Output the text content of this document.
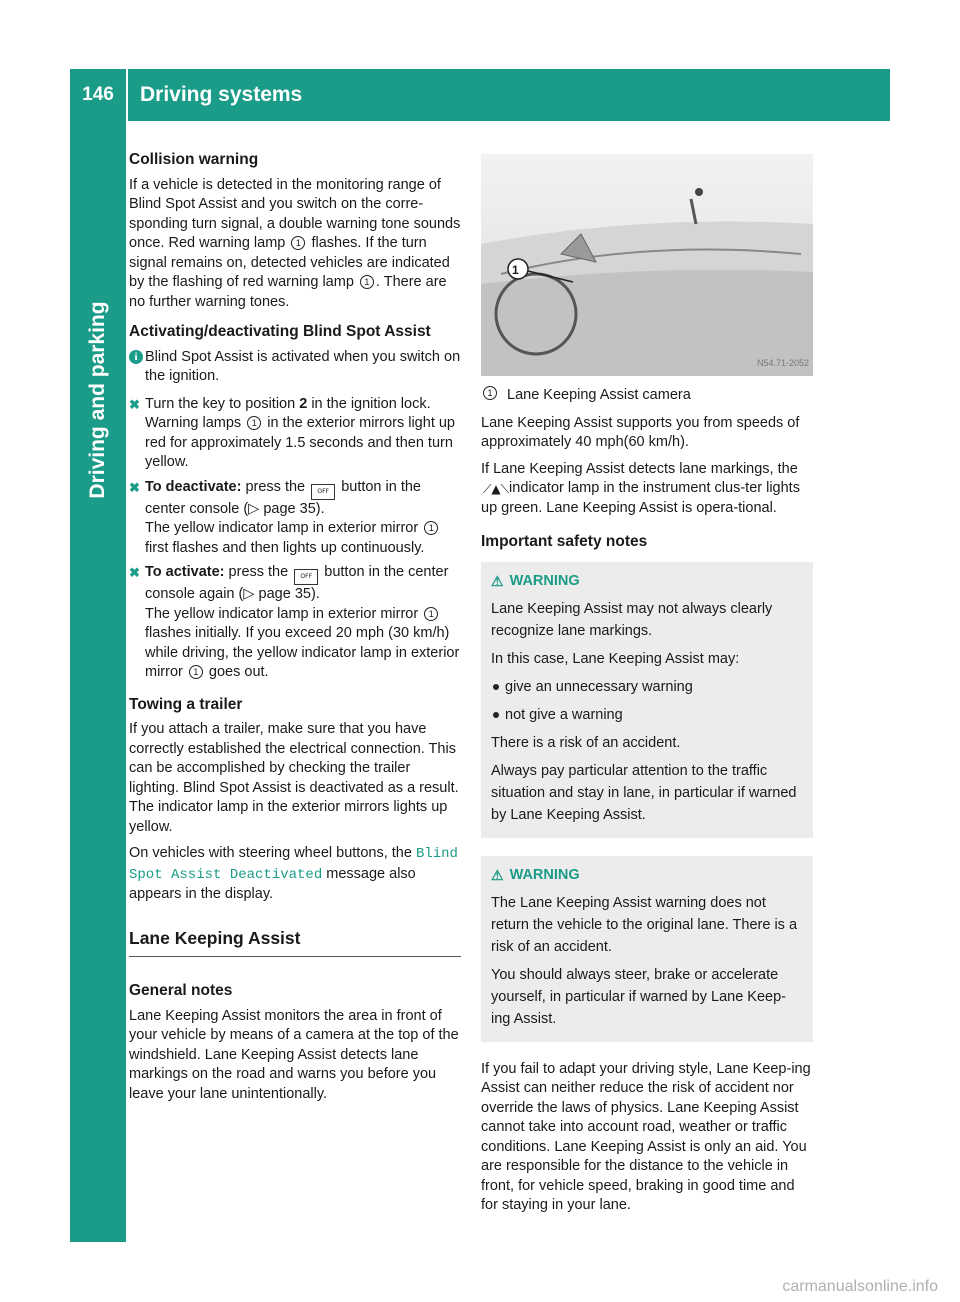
146	Driving systems
Driving and parking
Collision warning

If a vehicle is detected in the monitoring range of Blind Spot Assist and you switch on the corre-sponding turn signal, a double warning tone sounds once. Red warning lamp 1 flashes. If the turn signal remains on, detected vehicles are indicated by the flashing of red warning lamp 1 . There are no further warning tones.

Activating/deactivating Blind Spot Assist
i Blind Spot Assist is activated when you switch on the ignition.
✖ Turn the key to position 2 in the ignition lock. Warning lamps 1 in the exterior mirrors light up red for approximately 1.5 seconds and then turn yellow.
✖ To deactivate: press the OFF button in the center console (▷ page 35).
The yellow indicator lamp in exterior mirror 1 first flashes and then lights up continuously.
✖ To activate: press the OFF button in the center console again (▷ page 35).
The yellow indicator lamp in exterior mirror 1 flashes initially. If you exceed 20 mph (30 km/h) while driving, the yellow indicator lamp in exterior mirror 1 goes out.
Towing a trailer

If you attach a trailer, make sure that you have correctly established the electrical connection. This can be accomplished by checking the trailer lighting. Blind Spot Assist is deactivated as a result. The indicator lamp in the exterior mirrors lights up yellow.

On vehicles with steering wheel buttons, the Blind Spot Assist Deactivated message also appears in the display.

Lane Keeping Assist
General notes

Lane Keeping Assist monitors the area in front of your vehicle by means of a camera at the top of the windshield. Lane Keeping Assist detects lane markings on the road and warns you before you leave your lane unintentionally.

1
N54.71-2052
1	Lane Keeping Assist camera

Lane Keeping Assist supports you from speeds of approximately 40 mph(60 km/h).

If Lane Keeping Assist detects lane markings, the ⟋▲⟍ indicator lamp in the instrument clus-ter lights up green. Lane Keeping Assist is opera-tional.

Important safety notes
⚠ WARNING

Lane Keeping Assist may not always clearly recognize lane markings.

In this case, Lane Keeping Assist may:

give an unnecessary warning
not give a warning

There is a risk of an accident.

Always pay particular attention to the traffic situation and stay in lane, in particular if warned by Lane Keeping Assist.

⚠ WARNING

The Lane Keeping Assist warning does not return the vehicle to the original lane. There is a risk of an accident.

You should always steer, brake or accelerate yourself, in particular if warned by Lane Keep-ing Assist.

If you fail to adapt your driving style, Lane Keep-ing Assist can neither reduce the risk of accident nor override the laws of physics. Lane Keeping Assist cannot take into account road, weather or traffic conditions. Lane Keeping Assist is only an aid. You are responsible for the distance to the vehicle in front, for vehicle speed, braking in good time and for staying in your lane.

carmanualsonline.info
